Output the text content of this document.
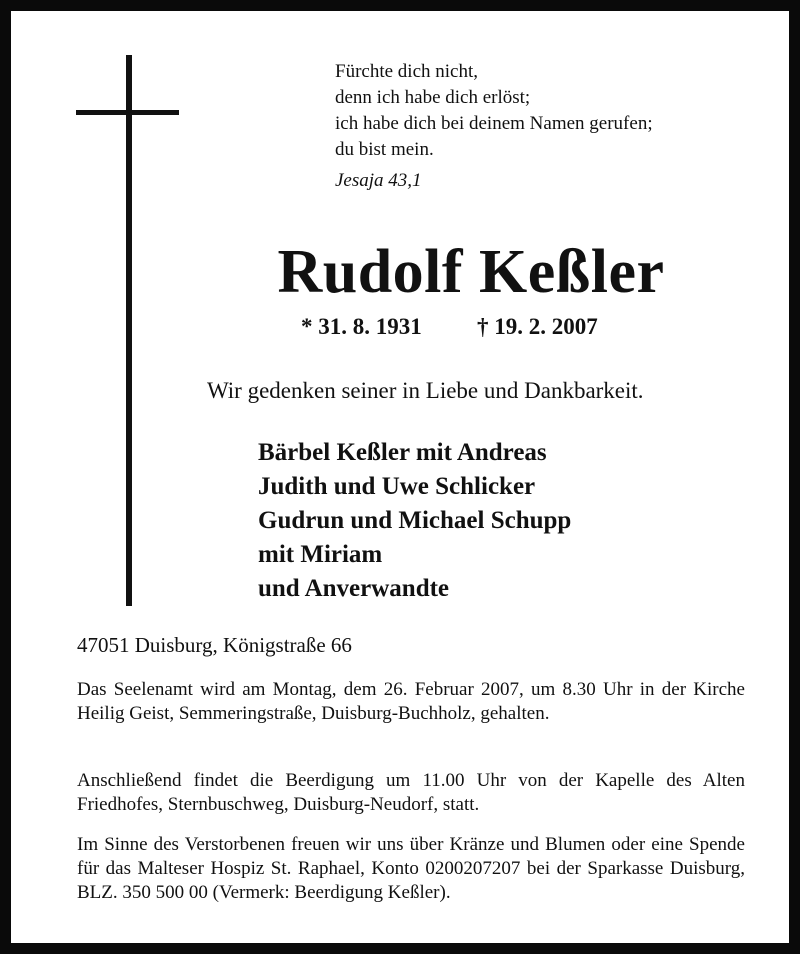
Fürchte dich nicht,
denn ich habe dich erlöst;
ich habe dich bei deinem Namen gerufen;
du bist mein.
Jesaja 43,1
Rudolf Keßler
* 31. 8. 1931 † 19. 2. 2007
Wir gedenken seiner in Liebe und Dankbarkeit.
Bärbel Keßler mit Andreas
Judith und Uwe Schlicker
Gudrun und Michael Schupp
mit Miriam
und Anverwandte
47051 Duisburg, Königstraße 66
Das Seelenamt wird am Montag, dem 26. Februar 2007, um 8.30 Uhr in der Kirche Heilig Geist, Semmeringstraße, Duisburg-Buchholz, gehalten.
Anschließend findet die Beerdigung um 11.00 Uhr von der Kapelle des Alten Friedhofes, Sternbuschweg, Duisburg-Neudorf, statt.
Im Sinne des Verstorbenen freuen wir uns über Kränze und Blumen oder eine Spende für das Malteser Hospiz St. Raphael, Konto 0200207207 bei der Sparkasse Duisburg, BLZ. 350 500 00 (Vermerk: Beerdigung Keßler).
